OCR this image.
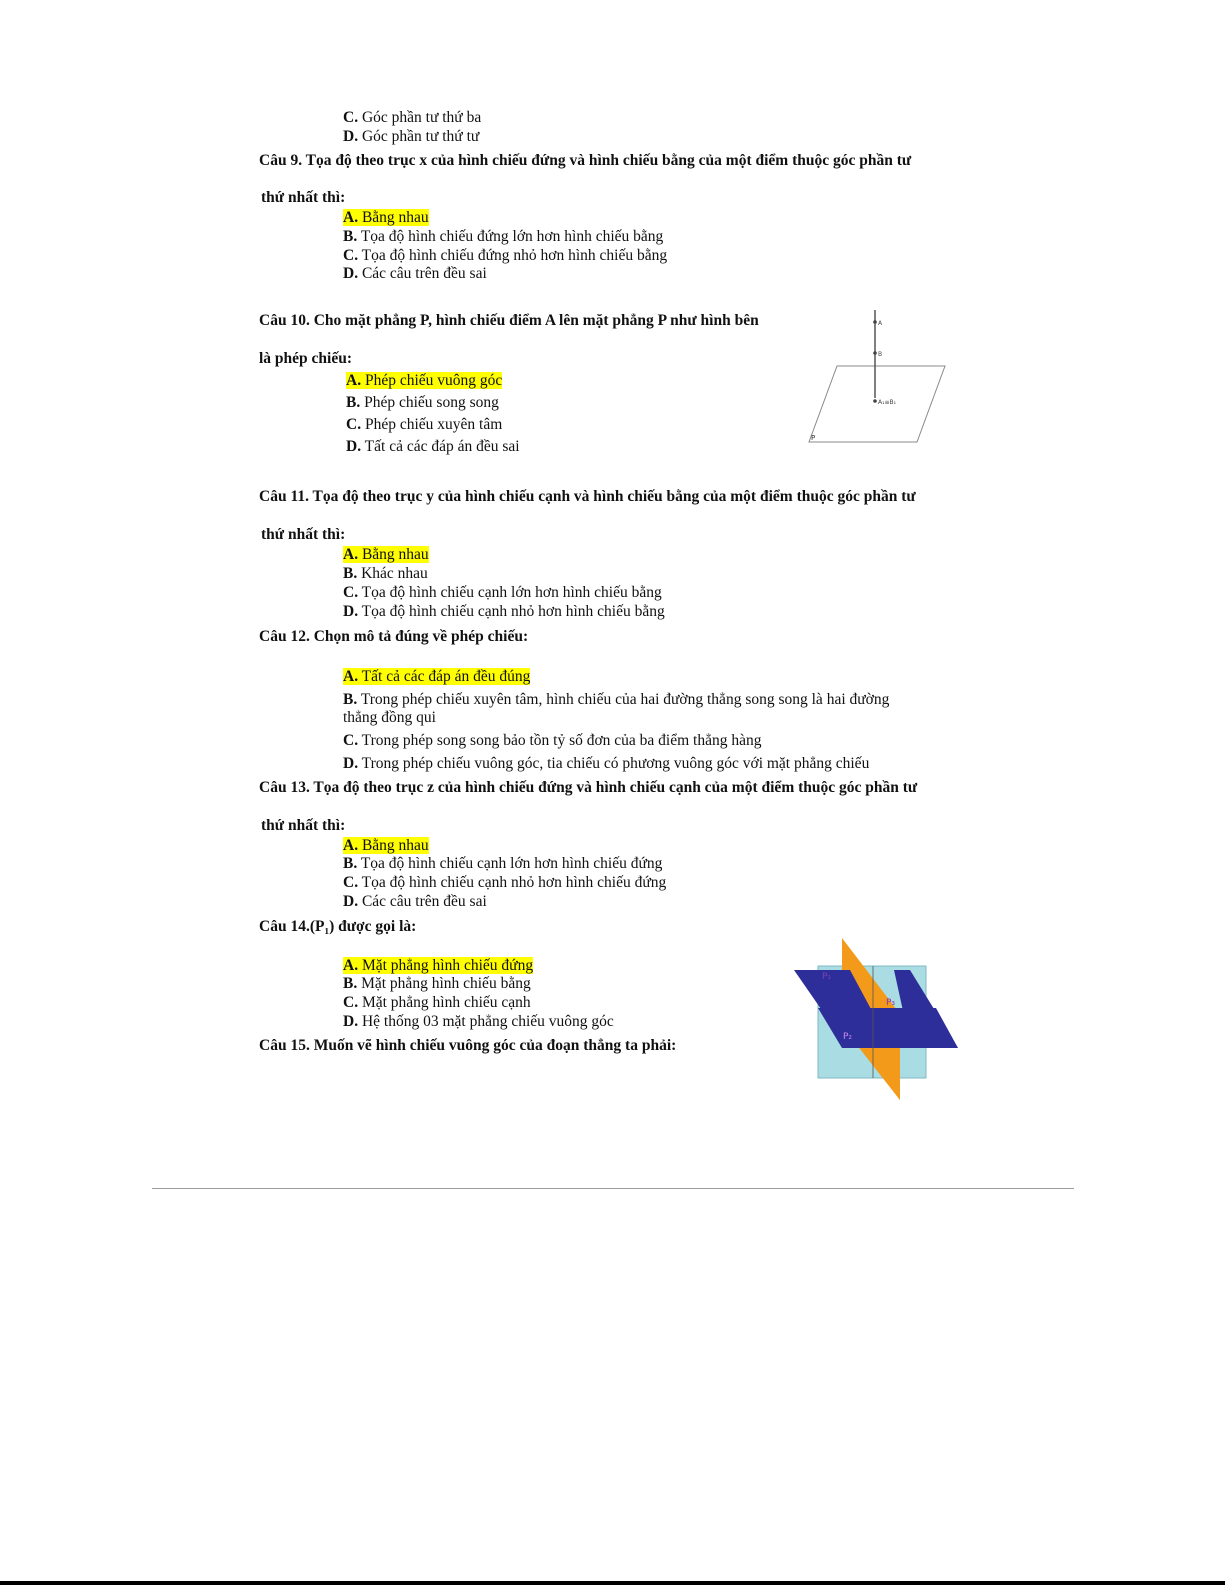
C. Góc phần tư thứ ba
D. Góc phần tư thứ tư
Câu 9. Tọa độ theo trục x của hình chiếu đứng và hình chiếu bằng của một điểm thuộc góc phần tư
thứ nhất thì:
A. Bằng nhau
B. Tọa độ hình chiếu đứng lớn hơn hình chiếu bằng
C. Tọa độ hình chiếu đứng nhỏ hơn hình chiếu bằng
D. Các câu trên đều sai
Câu 10. Cho mặt phẳng P, hình chiếu điểm A lên mặt phẳng P như hình bên
là phép chiếu:
A. Phép chiếu vuông góc
B. Phép chiếu song song
C. Phép chiếu xuyên tâm
D. Tất cả các đáp án đều sai
A
B
A₁≡B₁
P
Câu 11. Tọa độ theo trục y của hình chiếu cạnh và hình chiếu bằng của một điểm thuộc góc phần tư
thứ nhất thì:
A. Bằng nhau
B. Khác nhau
C. Tọa độ hình chiếu cạnh lớn hơn hình chiếu bằng
D. Tọa độ hình chiếu cạnh nhỏ hơn hình chiếu bằng
Câu 12. Chọn mô tả đúng về phép chiếu:
A. Tất cả các đáp án đều đúng
B. Trong phép chiếu xuyên tâm, hình chiếu của hai đường thẳng song song là hai đường
thẳng đồng qui
C. Trong phép song song bảo tồn tỷ số đơn của ba điểm thẳng hàng
D. Trong phép chiếu vuông góc, tia chiếu có phương vuông góc với mặt phẳng chiếu
Câu 13. Tọa độ theo trục z của hình chiếu đứng và hình chiếu cạnh của một điểm thuộc góc phần tư
thứ nhất thì:
A. Bằng nhau
B. Tọa độ hình chiếu cạnh lớn hơn hình chiếu đứng
C. Tọa độ hình chiếu cạnh nhỏ hơn hình chiếu đứng
D. Các câu trên đều sai
Câu 14.(P₁) được gọi là:
A. Mặt phẳng hình chiếu đứng
B. Mặt phẳng hình chiếu bằng
C. Mặt phẳng hình chiếu cạnh
D. Hệ thống 03 mặt phẳng chiếu vuông góc
P₁
P₂
P₃
Câu 15. Muốn vẽ hình chiếu vuông góc của đoạn thẳng ta phải:
